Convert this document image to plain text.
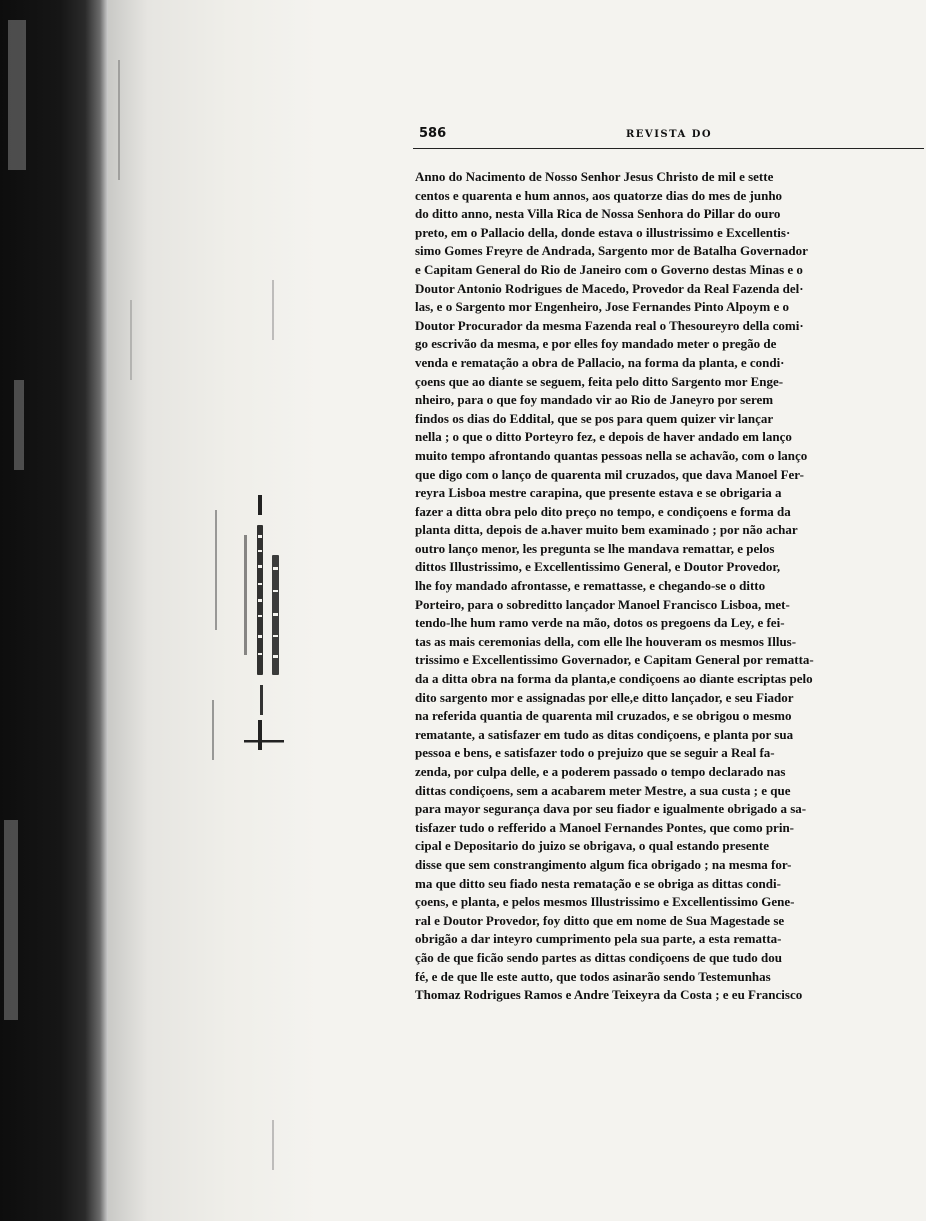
586	REVISTA DO
Anno do Nacimento de Nosso Senhor Jesus Christo de mil e sette
centos e quarenta e hum annos, aos quatorze dias do mes de junho
do ditto anno, nesta Villa Rica de Nossa Senhora do Pillar do ouro
preto, em o Pallacio della, donde estava o illustrissimo e Excellentis·
simo Gomes Freyre de Andrada, Sargento mor de Batalha Governador
e Capitam General do Rio de Janeiro com o Governo destas Minas e o
Doutor Antonio Rodrigues de Macedo, Provedor da Real Fazenda del·
las, e o Sargento mor Engenheiro, Jose Fernandes Pinto Alpoym e o
Doutor Procurador da mesma Fazenda real o Thesoureyro della comi·
go escrivão da mesma, e por elles foy mandado meter o pregão de
venda e rematação a obra de Pallacio, na forma da planta, e condi·
çoens que ao diante se seguem, feita pelo ditto Sargento mor Enge-
nheiro, para o que foy mandado vir ao Rio de Janeyro por serem
findos os dias do Eddital, que se pos para quem quizer vir lançar
nella ; o que o ditto Porteyro fez, e depois de haver andado em lanço
muito tempo afrontando quantas pessoas nella se achavão, com o lanço
que digo com o lanço de quarenta mil cruzados, que dava Manoel Fer-
reyra Lisboa mestre carapina, que presente estava e se obrigaria a
fazer a ditta obra pelo dito preço no tempo, e condiçoens e forma da
planta ditta, depois de a.haver muito bem examinado ; por não achar
outro lanço menor, les pregunta se lhe mandava remattar, e pelos
dittos Illustrissimo, e Excellentissimo General, e Doutor Provedor,
lhe foy mandado afrontasse, e remattasse, e chegando-se o ditto
Porteiro, para o sobreditto lançador Manoel Francisco Lisboa, met-
tendo-lhe hum ramo verde na mão, dotos os pregoens da Ley, e fei-
tas as mais ceremonias della, com elle lhe houveram os mesmos Illus-
trissimo e Excellentissimo Governador, e Capitam General por rematta-
da a ditta obra na forma da planta,e condiçoens ao diante escriptas pelo
dito sargento mor e assignadas por elle,e ditto lançador, e seu Fiador
na referida quantia de quarenta mil cruzados, e se obrigou o mesmo
rematante, a satisfazer em tudo as ditas condiçoens, e planta por sua
pessoa e bens, e satisfazer todo o prejuizo que se seguir a Real fa-
zenda, por culpa delle, e a poderem passado o tempo declarado nas
dittas condiçoens, sem a acabarem meter Mestre, a sua custa ; e que
para mayor segurança dava por seu fiador e igualmente obrigado a sa-
tisfazer tudo o refferido a Manoel Fernandes Pontes, que como prin-
cipal e Depositario do juizo se obrigava, o qual estando presente
disse que sem constrangimento algum fica obrigado ; na mesma for-
ma que ditto seu fiado nesta rematação e se obriga as dittas condi-
çoens, e planta, e pelos mesmos Illustrissimo e Excellentissimo Gene-
ral e Doutor Provedor, foy ditto que em nome de Sua Magestade se
obrigão a dar inteyro cumprimento pela sua parte, a esta rematta-
ção de que ficão sendo partes as dittas condiçoens de que tudo dou
fé, e de que lle este autto, que todos asinarão sendo Testemunhas
Thomaz Rodrigues Ramos e Andre Teixeyra da Costa ; e eu Francisco
